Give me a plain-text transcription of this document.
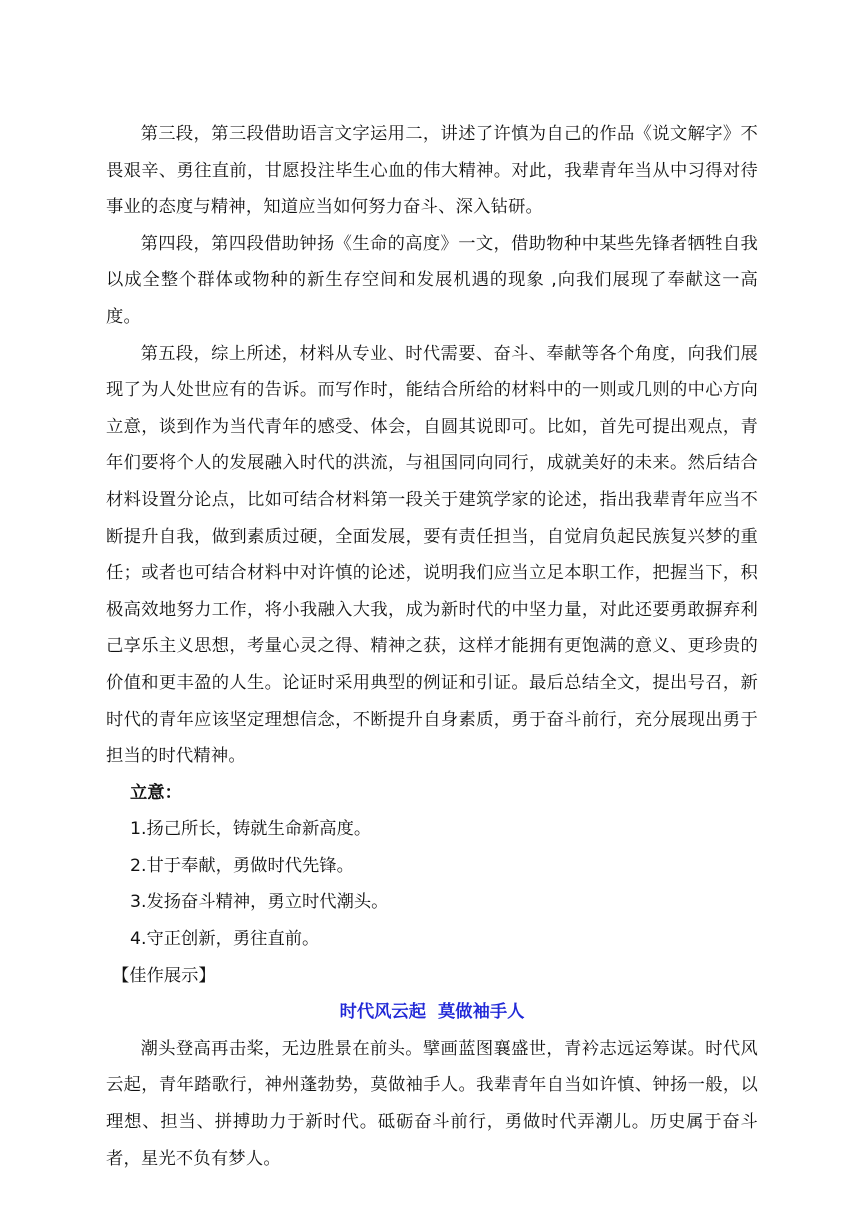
第三段，第三段借助语言文字运用二，讲述了许慎为自己的作品《说文解字》不畏艰辛、勇往直前，甘愿投注毕生心血的伟大精神。对此，我辈青年当从中习得对待事业的态度与精神，知道应当如何努力奋斗、深入钻研。

第四段，第四段借助钟扬《生命的高度》一文，借助物种中某些先锋者牺牲自我以成全整个群体或物种的新生存空间和发展机遇的现象 ,向我们展现了奉献这一高度。

第五段，综上所述，材料从专业、时代需要、奋斗、奉献等各个角度，向我们展现了为人处世应有的告诉。而写作时，能结合所给的材料中的一则或几则的中心方向立意，谈到作为当代青年的感受、体会，自圆其说即可。比如，首先可提出观点，青年们要将个人的发展融入时代的洪流，与祖国同向同行，成就美好的未来。然后结合材料设置分论点，比如可结合材料第一段关于建筑学家的论述，指出我辈青年应当不断提升自我，做到素质过硬，全面发展，要有责任担当，自觉肩负起民族复兴梦的重任；或者也可结合材料中对许慎的论述，说明我们应当立足本职工作，把握当下，积极高效地努力工作，将小我融入大我，成为新时代的中坚力量，对此还要勇敢摒弃利己享乐主义思想，考量心灵之得、精神之获，这样才能拥有更饱满的意义、更珍贵的价值和更丰盈的人生。论证时采用典型的例证和引证。最后总结全文，提出号召，新时代的青年应该坚定理想信念，不断提升自身素质，勇于奋斗前行，充分展现出勇于担当的时代精神。

立意：

1.扬己所长，铸就生命新高度。

2.甘于奉献，勇做时代先锋。

3.发扬奋斗精神，勇立时代潮头。

4.守正创新，勇往直前。

【佳作展示】

时代风云起  莫做袖手人

潮头登高再击桨，无边胜景在前头。擘画蓝图襄盛世，青衿志远运筹谋。时代风云起，青年踏歌行，神州蓬勃势，莫做袖手人。我辈青年自当如许慎、钟扬一般，以理想、担当、拼搏助力于新时代。砥砺奋斗前行，勇做时代弄潮儿。历史属于奋斗者，星光不负有梦人。
